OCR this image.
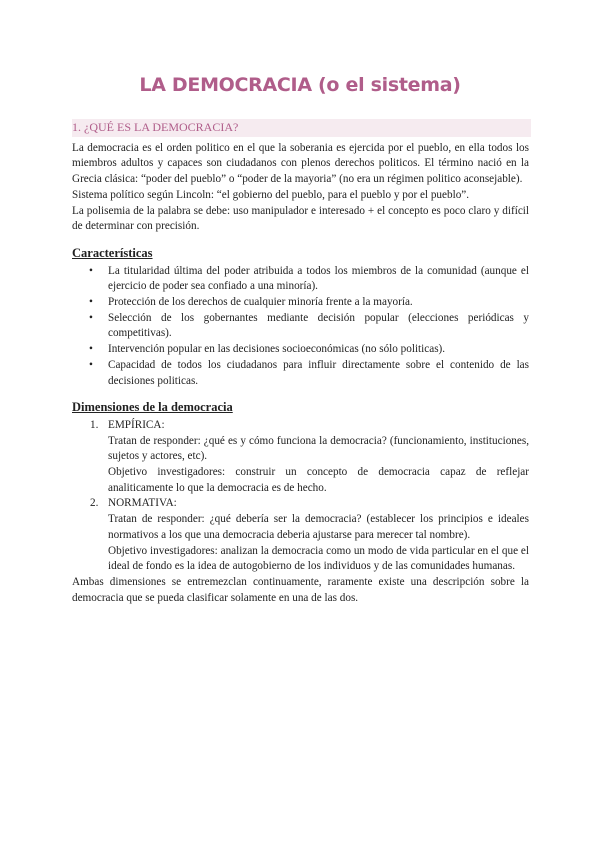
LA DEMOCRACIA (o el sistema)
1. ¿QUÉ ES LA DEMOCRACIA?

La democracia es el orden politico en el que la soberania es ejercida por el pueblo, en ella todos los miembros adultos y capaces son ciudadanos con plenos derechos politicos. El término nació en la Grecia clásica: “poder del pueblo” o “poder de la mayoria” (no era un régimen politico aconsejable).

Sistema político según Lincoln: “el gobierno del pueblo, para el pueblo y por el pueblo”.

La polisemia de la palabra se debe: uso manipulador e interesado + el concepto es poco claro y difícil de determinar con precisión.

Características
• La titularidad última del poder atribuida a todos los miembros de la comunidad (aunque el ejercicio de poder sea confiado a una minoría).
• Protección de los derechos de cualquier minoría frente a la mayoría.
• Selección de los gobernantes mediante decisión popular (elecciones periódicas y competitivas).
• Intervención popular en las decisiones socioeconómicas (no sólo politicas).
• Capacidad de todos los ciudadanos para influir directamente sobre el contenido de las decisiones politicas.
Dimensiones de la democracia
1. EMPÍRICA:
Tratan de responder: ¿qué es y cómo funciona la democracia? (funcionamiento, instituciones, sujetos y actores, etc).
Objetivo investigadores: construir un concepto de democracia capaz de reflejar analiticamente lo que la democracia es de hecho.
2. NORMATIVA:
Tratan de responder: ¿qué debería ser la democracia? (establecer los principios e ideales normativos a los que una democracia deberia ajustarse para merecer tal nombre).
Objetivo investigadores: analizan la democracia como un modo de vida particular en el que el ideal de fondo es la idea de autogobierno de los individuos y de las comunidades humanas.

Ambas dimensiones se entremezclan continuamente, raramente existe una descripción sobre la democracia que se pueda clasificar solamente en una de las dos.
